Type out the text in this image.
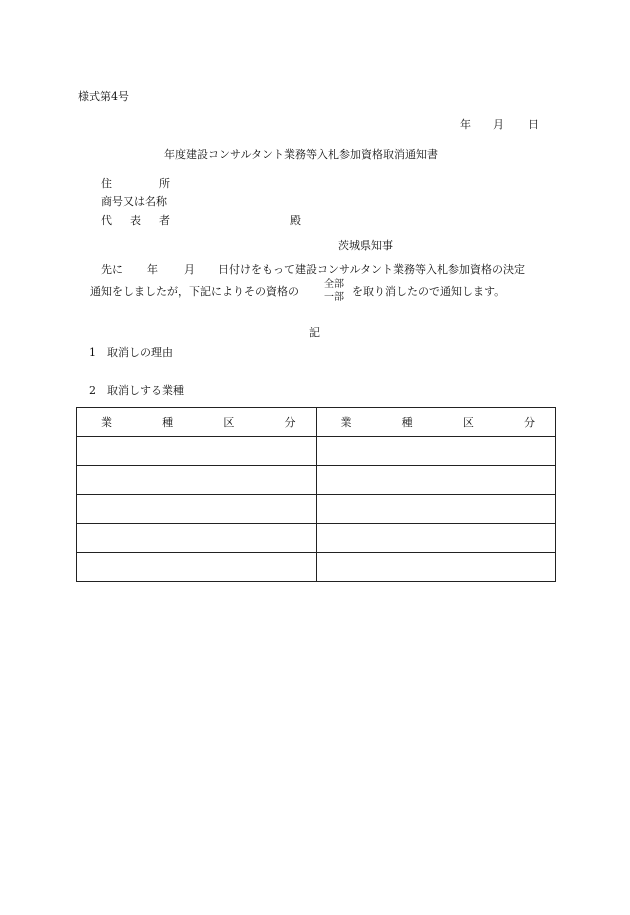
様式第4号
年 月 日
年度建設コンサルタント業務等入札参加資格取消通知書
住	所
商号又は名称
代 表 者	殿
茨城県知事
先に 年 月 日付けをもって建設コンサルタント業務等入札参加資格の決定
通知をしましたが，下記によりその資格の
全部
一部 を取り消したので通知します。
記
1 取消しの理由
2 取消しする業種
業 種 区 分	業 種 区 分
